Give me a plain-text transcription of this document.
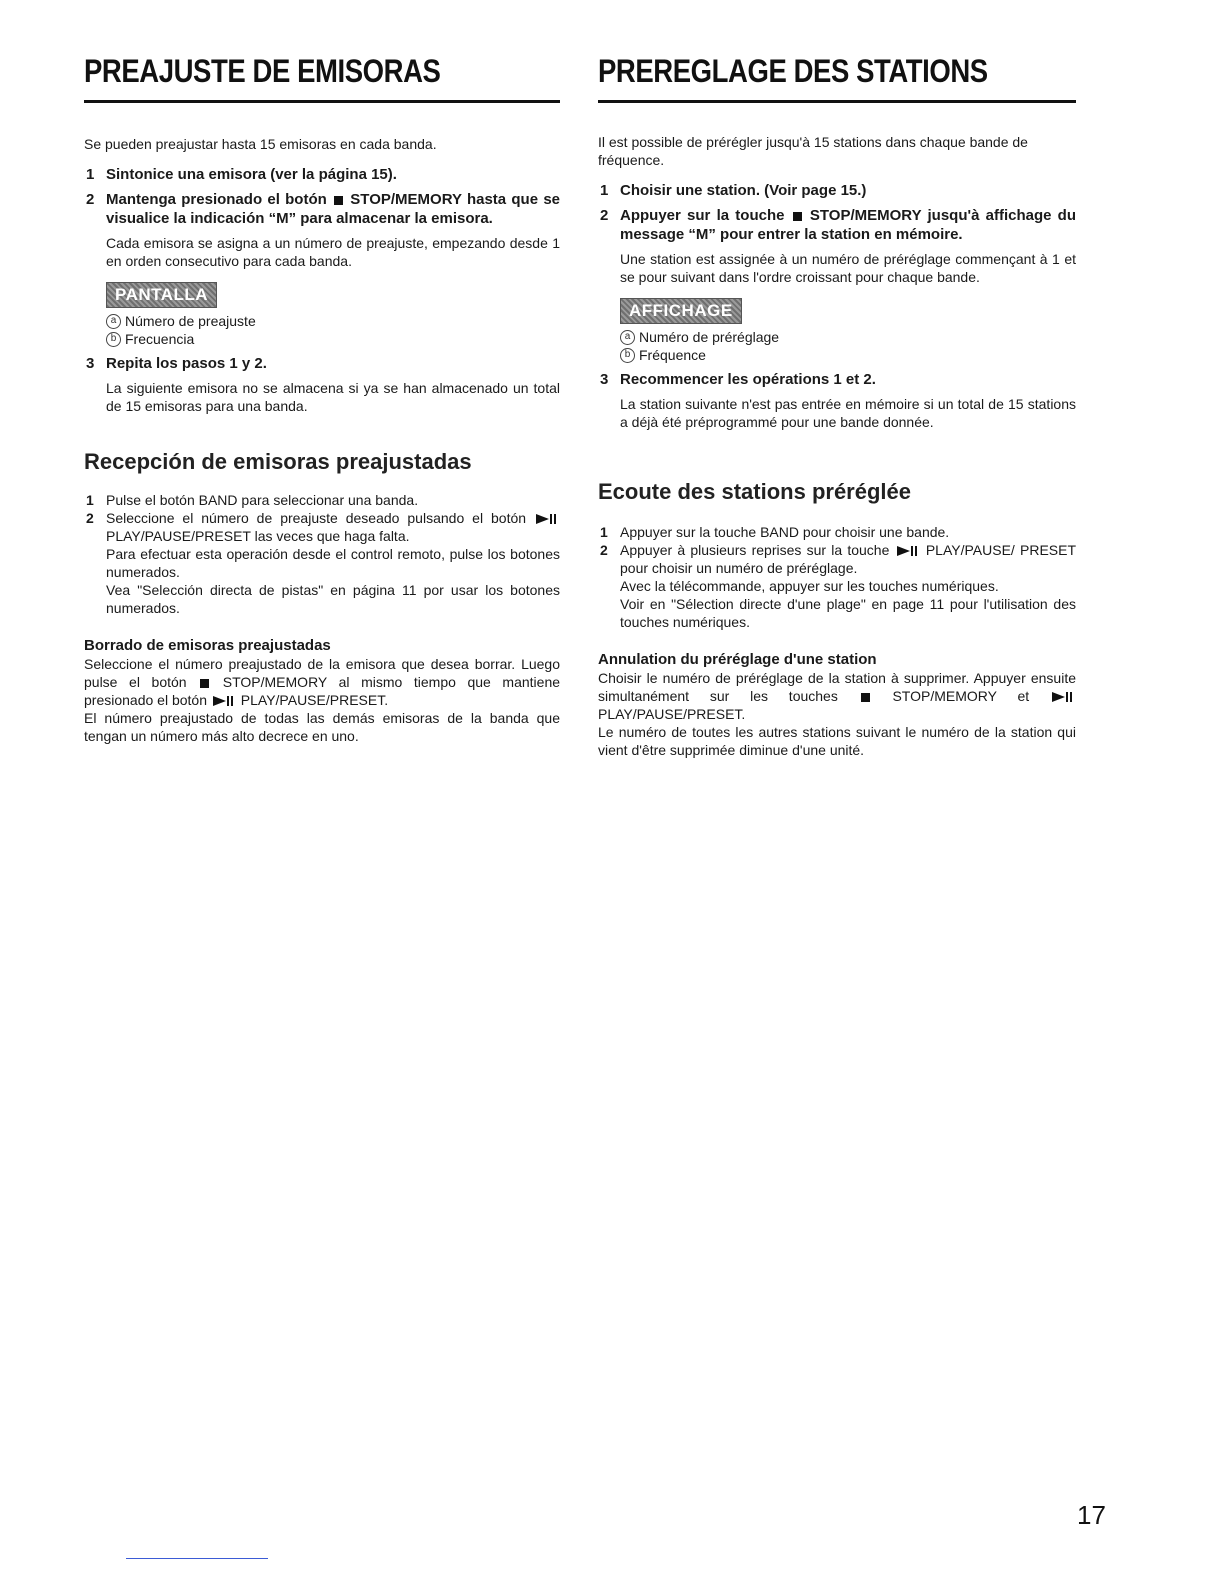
PREAJUSTE DE EMISORAS
Se pueden preajustar hasta 15 emisoras en cada banda.
1 Sintonice una emisora (ver la página 15).
2 Mantenga presionado el botón STOP/MEMORY hasta que se visualice la indicación “M” para almacenar la emisora.
Cada emisora se asigna a un número de preajuste, empezando desde 1 en orden consecutivo para cada banda.
PANTALLA
a Número de preajuste
b Frecuencia
3 Repita los pasos 1 y 2.
La siguiente emisora no se almacena si ya se han almacenado un total de 15 emisoras para una banda.
Recepción de emisoras preajustadas
1 Pulse el botón BAND para seleccionar una banda.
2 Seleccione el número de preajuste deseado pulsando el botón  PLAY/PAUSE/PRESET las veces que haga falta.
Para efectuar esta operación desde el control remoto, pulse los botones numerados.
Vea "Selección directa de pistas" en página 11 por usar los botones numerados.
Borrado de emisoras preajustadas
Seleccione el número preajustado de la emisora que desea borrar. Luego pulse el botón	STOP/MEMORY al mismo tiempo que mantiene presionado el botón PLAY/PAUSE/PRESET.
El número preajustado de todas las demás emisoras de la banda que tengan un número más alto decrece en uno.
PREREGLAGE DES STATIONS
Il est possible de prérégler jusqu'à 15 stations dans chaque bande de fréquence.
1 Choisir une station. (Voir page 15.)
2 Appuyer sur la touche STOP/MEMORY jusqu'à affichage du message “M” pour entrer la station en mémoire.
Une station est assignée à un numéro de préréglage commençant à 1 et se pour suivant dans l'ordre croissant pour chaque bande.
AFFICHAGE
a Numéro de préréglage
b Fréquence
3 Recommencer les opérations 1 et 2.
La station suivante n'est pas entrée en mémoire si un total de 15 stations a déjà été préprogrammé pour une bande donnée.
Ecoute des stations préréglée
1 Appuyer sur la touche BAND pour choisir une bande.
2 Appuyer à plusieurs reprises sur la touche	PLAY/PAUSE/ PRESET pour choisir un numéro de préréglage.
Avec la télécommande, appuyer sur les touches numériques.
Voir en "Sélection directe d'une plage" en page 11 pour l'utilisation des touches numériques.
Annulation du préréglage d'une station
Choisir le numéro de préréglage de la station à supprimer. Appuyer ensuite simultanément sur les touches	STOP/MEMORY et  PLAY/PAUSE/PRESET.
Le numéro de toutes les autres stations suivant le numéro de la station qui vient d'être supprimée diminue d'une unité.
17
